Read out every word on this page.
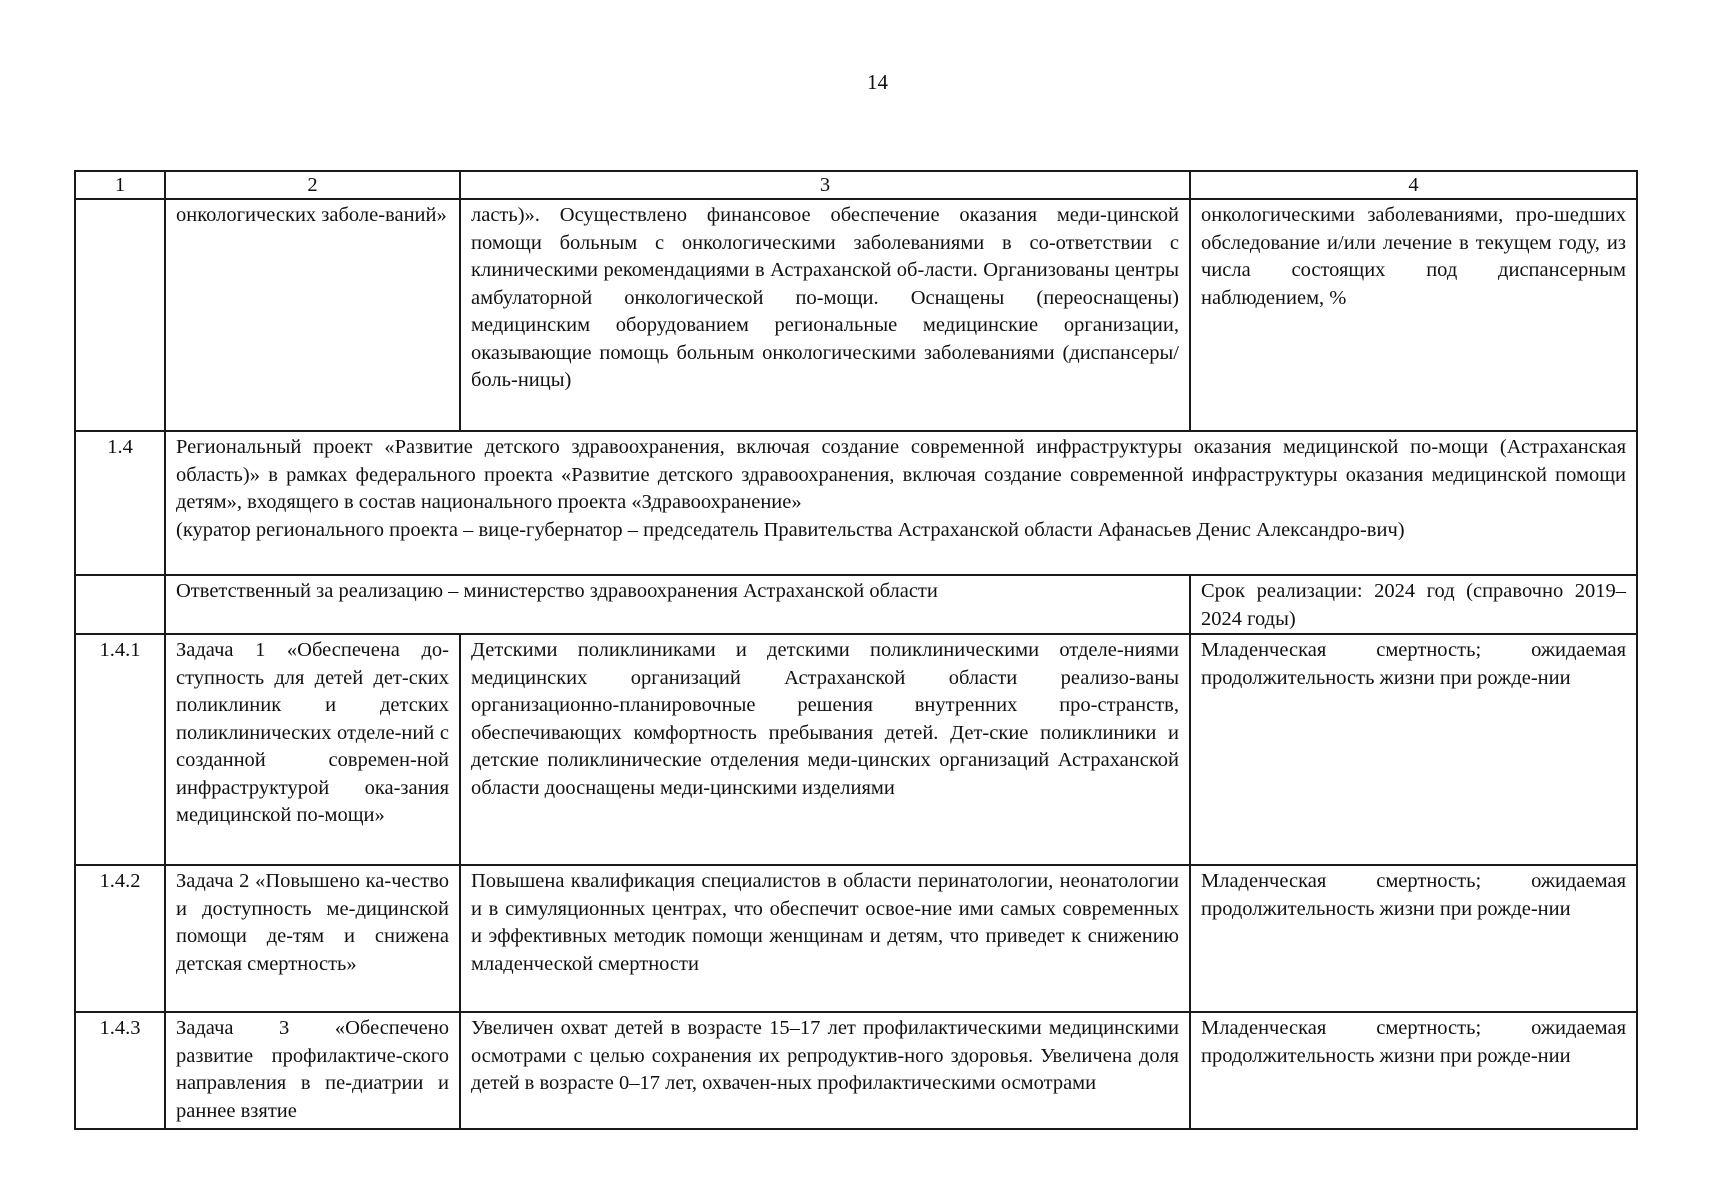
14
1	2	3	4
	онкологических заболе-ваний»	ласть)». Осуществлено финансовое обеспечение оказания меди-цинской помощи больным с онкологическими заболеваниями в со-ответствии с клиническими рекомендациями в Астраханской об-ласти. Организованы центры амбулаторной онкологической по-мощи. Оснащены (переоснащены) медицинским оборудованием региональные медицинские организации, оказывающие помощь больным онкологическими заболеваниями (диспансеры/боль-ницы)	онкологическими заболеваниями, про-шедших обследование и/или лечение в текущем году, из числа состоящих под диспансерным наблюдением, %
1.4	Региональный проект «Развитие детского здравоохранения, включая создание современной инфраструктуры оказания медицинской по-мощи (Астраханская область)» в рамках федерального проекта «Развитие детского здравоохранения, включая создание современной инфраструктуры оказания медицинской помощи детям», входящего в состав национального проекта «Здравоохранение»
(куратор регионального проекта – вице-губернатор – председатель Правительства Астраханской области Афанасьев Денис Александро-вич)		

	Ответственный за реализацию – министерство здравоохранения Астраханской области		Срок реализации: 2024 год (справочно 2019–2024 годы)
1.4.1	Задача 1 «Обеспечена до-ступность для детей дет-ских поликлиник и детских поликлинических отделе-ний с созданной современ-ной инфраструктурой ока-зания медицинской по-мощи»	Детскими поликлиниками и детскими поликлиническими отделе-ниями медицинских организаций Астраханской области реализо-ваны организационно-планировочные решения внутренних про-странств, обеспечивающих комфортность пребывания детей. Дет-ские поликлиники и детские поликлинические отделения меди-цинских организаций Астраханской области дооснащены меди-цинскими изделиями	Младенческая смертность; ожидаемая продолжительность жизни при рожде-нии
1.4.2	Задача 2 «Повышено ка-чество и доступность ме-дицинской помощи де-тям и снижена детская смертность»	Повышена квалификация специалистов в области перинатологии, неонатологии и в симуляционных центрах, что обеспечит освое-ние ими самых современных и эффективных методик помощи женщинам и детям, что приведет к снижению младенческой смертности	Младенческая смертность; ожидаемая продолжительность жизни при рожде-нии
1.4.3	Задача 3 «Обеспечено развитие профилактиче-ского направления в пе-диатрии и раннее взятие	Увеличен охват детей в возрасте 15–17 лет профилактическими медицинскими осмотрами с целью сохранения их репродуктив-ного здоровья. Увеличена доля детей в возрасте 0–17 лет, охвачен-ных профилактическими осмотрами	Младенческая смертность; ожидаемая продолжительность жизни при рожде-нии
